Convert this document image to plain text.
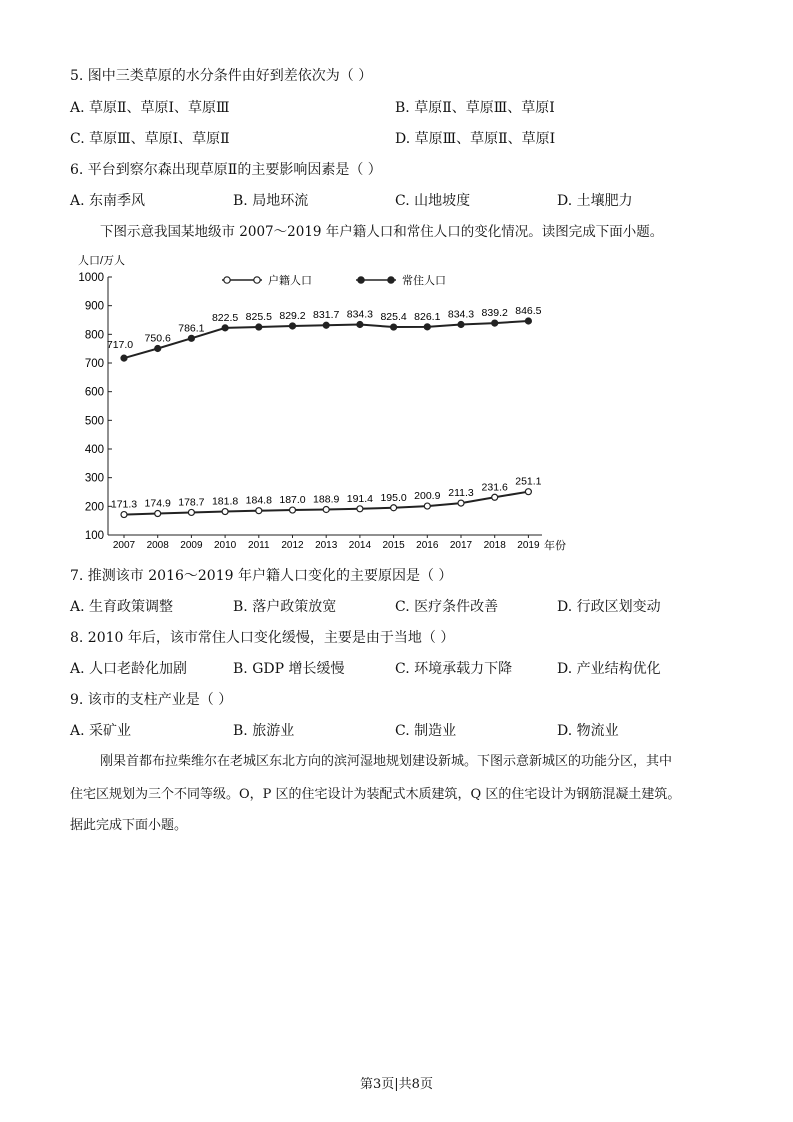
5. 图中三类草原的水分条件由好到差依次为（ ）
A. 草原Ⅱ、草原Ⅰ、草原Ⅲ	B. 草原Ⅱ、草原Ⅲ、草原Ⅰ
C. 草原Ⅲ、草原Ⅰ、草原Ⅱ	D. 草原Ⅲ、草原Ⅱ、草原Ⅰ
6. 平台到察尔森出现草原Ⅱ的主要影响因素是（ ）
A. 东南季风	B. 局地环流	C. 山地坡度	D. 土壤肥力
下图示意我国某地级市 2007～2019 年户籍人口和常住人口的变化情况。读图完成下面小题。
人口/万人
年份
100
200
300
400
500
600
700
800
900
1000
2007 2008 2009 2010 2011 2012 2013 2014 2015 2016 2017 2018 2019
户籍人口	常住人口
171.3 174.9 178.7 181.8 184.8 187.0 188.9 191.4 195.0 200.9 211.3 231.6 251.1
717.0
750.6
786.1
822.5 825.5 829.2 831.7 834.3 825.4 826.1 834.3 839.2 846.5
7. 推测该市 2016～2019 年户籍人口变化的主要原因是（ ）
A. 生育政策调整	B. 落户政策放宽	C. 医疗条件改善	D. 行政区划变动
8. 2010 年后，该市常住人口变化缓慢，主要是由于当地（ ）
A. 人口老龄化加剧	B. GDP 增长缓慢	C. 环境承载力下降	D. 产业结构优化
9. 该市的支柱产业是（ ）
A. 采矿业	B. 旅游业	C. 制造业	D. 物流业
刚果首都布拉柴维尔在老城区东北方向的滨河湿地规划建设新城。下图示意新城区的功能分区，其中
住宅区规划为三个不同等级。O，P 区的住宅设计为装配式木质建筑，Q 区的住宅设计为钢筋混凝土建筑。
据此完成下面小题。
第3页|共8页
